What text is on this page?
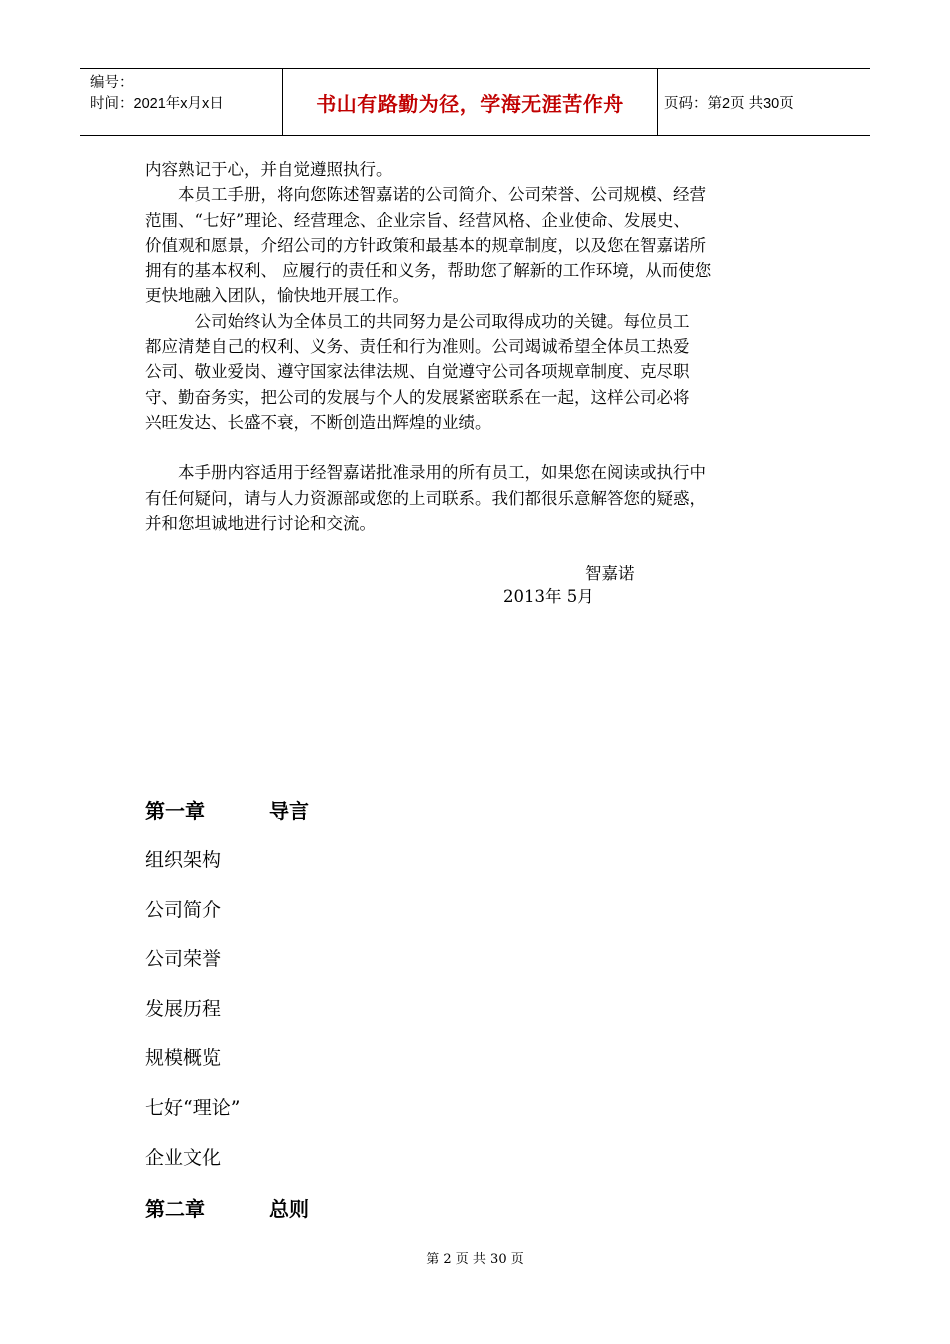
编号：
时间：2021年x月x日	书山有路勤为径，学海无涯苦作舟	页码：第2页 共30页

内容熟记于心，并自觉遵照执行。

　　本员工手册，将向您陈述智嘉诺的公司简介、公司荣誉、公司规模、经营

范围、“七好”理论、经营理念、企业宗旨、经营风格、企业使命、发展史、

价值观和愿景，介绍公司的方针政策和最基本的规章制度，以及您在智嘉诺所

拥有的基本权利、 应履行的责任和义务，帮助您了解新的工作环境，从而使您

更快地融入团队，愉快地开展工作。

　　　公司始终认为全体员工的共同努力是公司取得成功的关键。每位员工

都应清楚自己的权利、义务、责任和行为准则。公司竭诚希望全体员工热爱

公司、敬业爱岗、遵守国家法律法规、自觉遵守公司各项规章制度、克尽职

守、勤奋务实，把公司的发展与个人的发展紧密联系在一起，这样公司必将

兴旺发达、长盛不衰，不断创造出辉煌的业绩。

　　本手册内容适用于经智嘉诺批准录用的所有员工，如果您在阅读或执行中

有任何疑问，请与人力资源部或您的上司联系。我们都很乐意解答您的疑惑，

并和您坦诚地进行讨论和交流。

智嘉诺
2013年 5月
第一章	导言
组织架构
公司简介
公司荣誉
发展历程
规模概览
七好“理论”
企业文化
第二章	总则
第 2 页 共 30 页
